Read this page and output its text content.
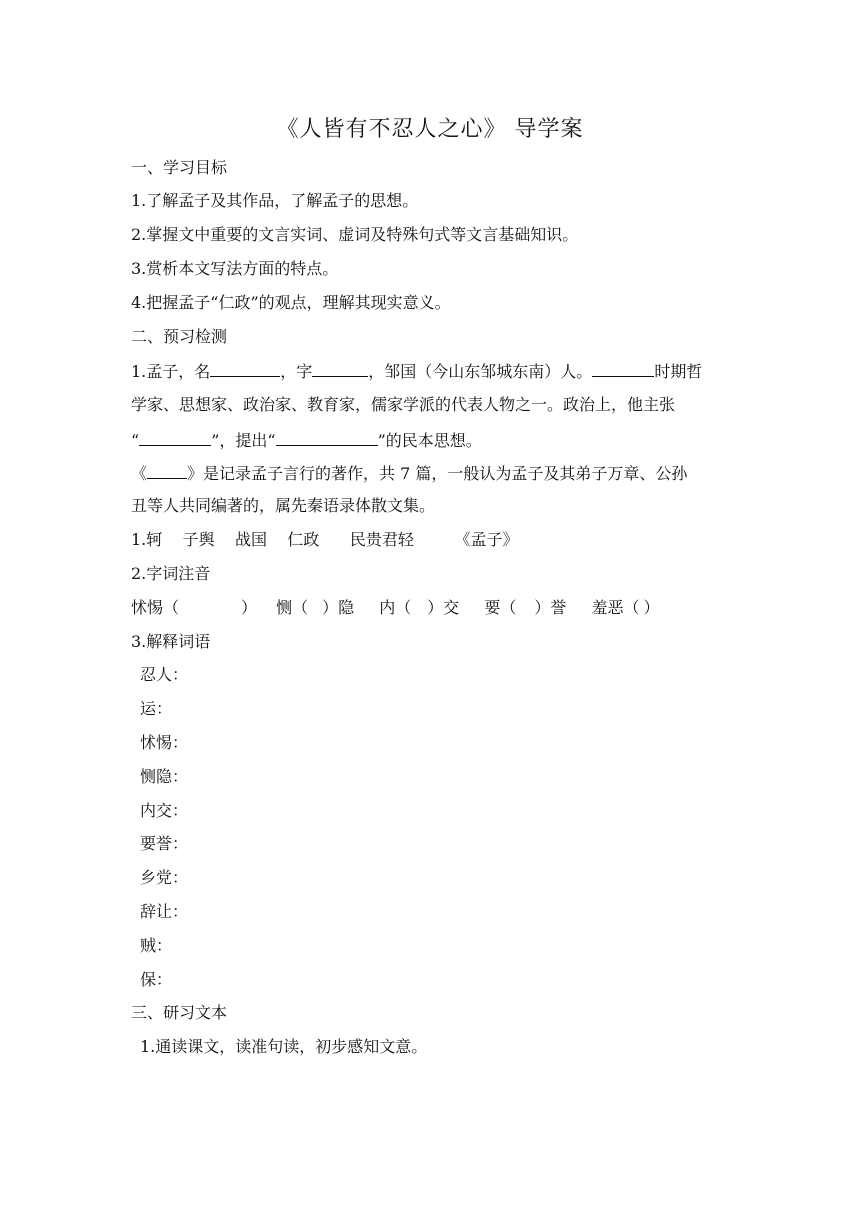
《人皆有不忍人之心》 导学案
一、学习目标
1.了解孟子及其作品，了解孟子的思想。
2.掌握文中重要的文言实词、虚词及特殊句式等文言基础知识。
3.赏析本文写法方面的特点。
4.把握孟子“仁政”的观点，理解其现实意义。
二、预习检测
1.孟子，名	，字	，邹国（今山东邹城东南）人。	时期哲
学家、思想家、政治家、教育家，儒家学派的代表人物之一。政治上，他主张
“	”，提出“	”的民本思想。
《	》是记录孟子言行的著作，共 7 篇，一般认为孟子及其弟子万章、公孙
丑等人共同编著的，属先秦语录体散文集。
1.轲    子舆    战国    仁政      民贵君轻        《孟子》
2.字词注音
怵惕（	） 恻（ ）隐 内（ ）交 要（ ）誉 羞恶（ ）
3.解释词语
忍人：
运：
怵惕：
恻隐：
内交：
要誉：
乡党：
辞让：
贼：
保：
三、研习文本
1.通读课文，读准句读，初步感知文意。
